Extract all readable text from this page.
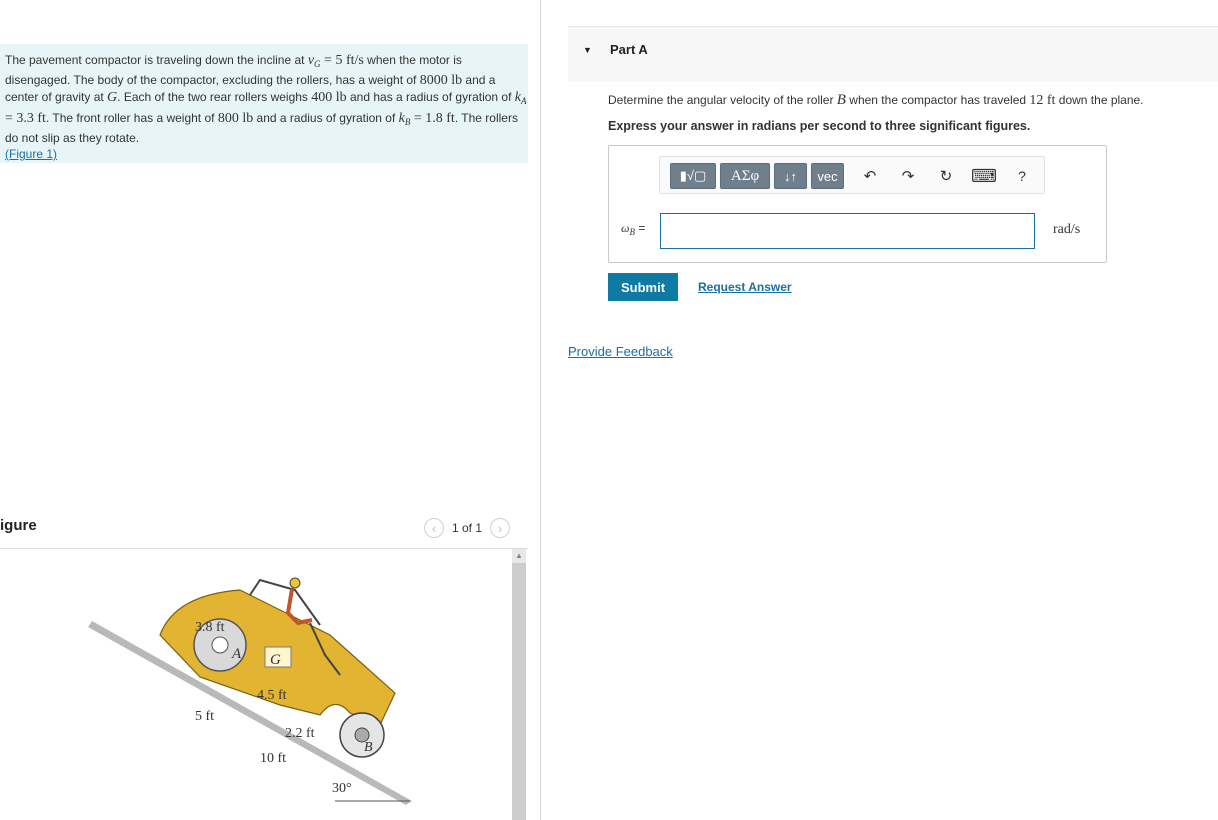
The pavement compactor is traveling down the incline at $v_G = 5$ ft/s when the motor is disengaged. The body of the compactor, excluding the rollers, has a weight of 8000 lb and a center of gravity at G. Each of the two rear rollers weighs 400 lb and has a radius of gyration of $k_A = 3.3$ ft. The front roller has a weight of 800 lb and a radius of gyration of $k_B = 1.8$ ft. The rollers do not slip as they rotate.
(Figure 1)
igure	‹	1 of 1	›
G
3.8 ft
A
B
4.5 ft
5 ft
2.2 ft
10 ft
30°
▲
▼ Part A
Determine the angular velocity of the roller B when the compactor has traveled 12 ft down the plane.
Express your answer in radians per second to three significant figures.
▮√▢	ΑΣφ	↓↑	vec	↶	↷	↻ ⌨	?
$\omega_B$ =	rad/s
Submit	Request Answer
Provide Feedback
